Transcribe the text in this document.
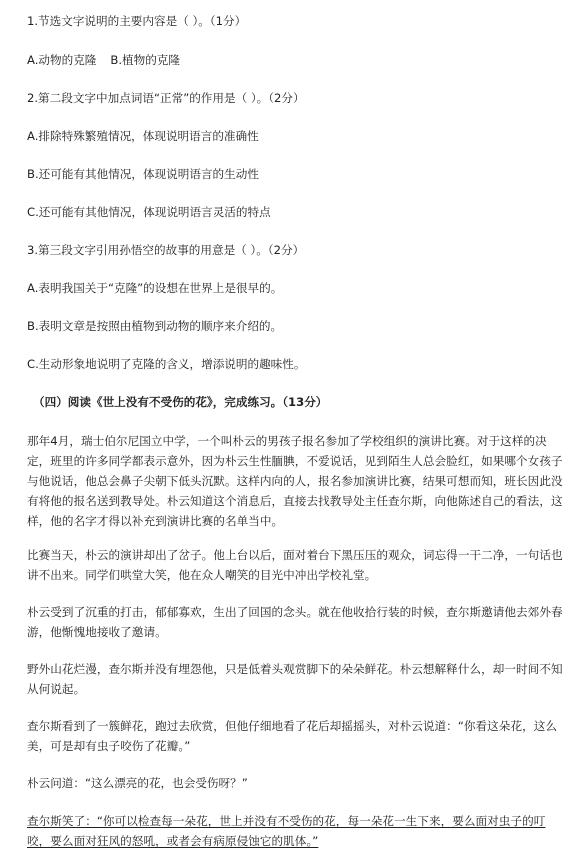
1.节选文字说明的主要内容是（ ）。（1分）
A.动物的克隆 B.植物的克隆
2.第二段文字中加点词语“正常”的作用是（ ）。（2分）
A.排除特殊繁殖情况，体现说明语言的准确性
B.还可能有其他情况，体现说明语言的生动性
C.还可能有其他情况，体现说明语言灵活的特点
3.第三段文字引用孙悟空的故事的用意是（ ）。（2分）
A.表明我国关于“克隆”的设想在世界上是很早的。
B.表明文章是按照由植物到动物的顺序来介绍的。
C.生动形象地说明了克隆的含义，增添说明的趣味性。
（四）阅读《世上没有不受伤的花》，完成练习。（13分）
那年4月，瑞士伯尔尼国立中学，一个叫朴云的男孩子报名参加了学校组织的演讲比赛。对于这样的决定，班里的许多同学都表示意外，因为朴云生性腼腆，不爱说话，见到陌生人总会脸红，如果哪个女孩子与他说话，他总会鼻子尖朝下低头沉默。这样内向的人，报名参加演讲比赛，结果可想而知，班长因此没有将他的报名送到教导处。朴云知道这个消息后，直接去找教导处主任查尔斯，向他陈述自己的看法，这样，他的名字才得以补充到演讲比赛的名单当中。
比赛当天，朴云的演讲却出了岔子。他上台以后，面对着台下黑压压的观众，词忘得一干二净，一句话也讲不出来。同学们哄堂大笑，他在众人嘲笑的目光中冲出学校礼堂。
朴云受到了沉重的打击，郁郁寡欢，生出了回国的念头。就在他收拾行装的时候，查尔斯邀请他去郊外春游，他惭愧地接收了邀请。
野外山花烂漫，查尔斯并没有埋怨他，只是低着头观赏脚下的朵朵鲜花。朴云想解释什么，却一时间不知从何说起。
查尔斯看到了一簇鲜花，跑过去欣赏，但他仔细地看了花后却摇摇头，对朴云说道：“你看这朵花，这么美，可是却有虫子咬伤了花瓣。”
朴云问道：“这么漂亮的花，也会受伤呀？”
查尔斯笑了：“你可以检查每一朵花，世上并没有不受伤的花，每一朵花一生下来，要么面对虫子的叮咬，要么面对狂风的怒吼，或者会有病原侵蚀它的肌体。”
